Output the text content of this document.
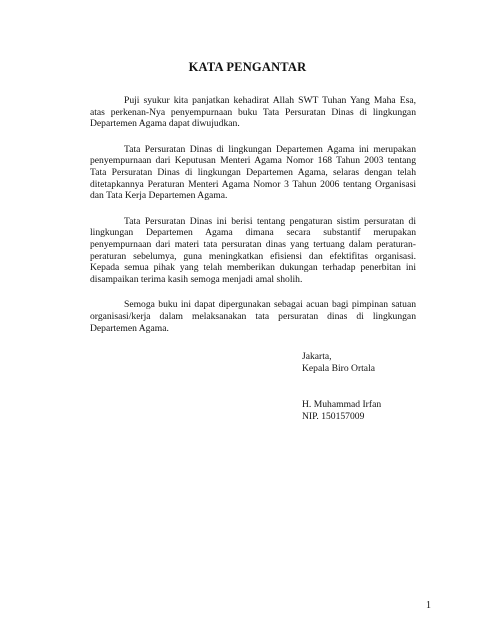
KATA PENGANTAR

Puji syukur kita panjatkan kehadirat Allah SWT Tuhan Yang Maha Esa, atas perkenan-Nya penyempurnaan buku Tata Persuratan Dinas di lingkungan Departemen Agama dapat diwujudkan.

Tata Persuratan Dinas di lingkungan Departemen Agama ini merupakan penyempurnaan dari Keputusan Menteri Agama Nomor 168 Tahun 2003 tentang Tata Persuratan Dinas di lingkungan Departemen Agama, selaras dengan telah ditetapkannya Peraturan Menteri Agama Nomor 3 Tahun 2006 tentang Organisasi dan Tata Kerja Departemen Agama.

Tata Persuratan Dinas ini berisi tentang pengaturan sistim persuratan di lingkungan Departemen Agama dimana secara substantif merupakan penyempurnaan dari materi tata persuratan dinas yang tertuang dalam peraturan-peraturan sebelumya, guna meningkatkan efisiensi dan efektifitas organisasi. Kepada semua pihak yang telah memberikan dukungan terhadap penerbitan ini disampaikan terima kasih semoga menjadi amal sholih.

Semoga buku ini dapat dipergunakan sebagai acuan bagi pimpinan satuan organisasi/kerja dalam melaksanakan tata persuratan dinas di lingkungan Departemen Agama.

Jakarta,
Kepala Biro Ortala
H. Muhammad Irfan
NIP. 150157009
1
